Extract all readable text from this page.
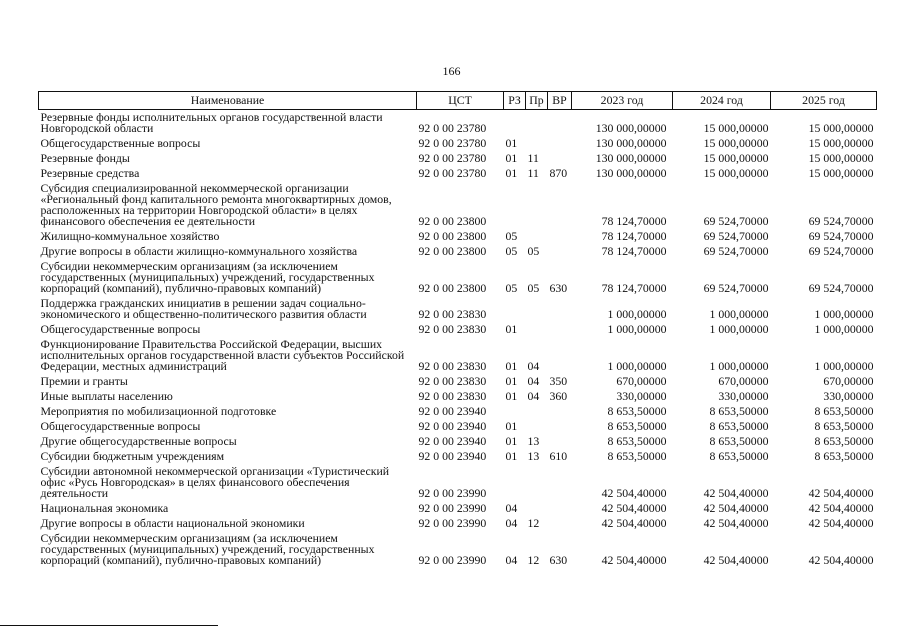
166
Наименование	ЦСТ	РЗ	Пр	ВР	2023 год	2024 год	2025 год
Резервные фонды исполнительных органов государственной власти Новгородской области	92 0 00 23780				130 000,00000	15 000,00000	15 000,00000
Общегосударственные вопросы	92 0 00 23780	01			130 000,00000	15 000,00000	15 000,00000
Резервные фонды	92 0 00 23780	01	11		130 000,00000	15 000,00000	15 000,00000
Резервные средства	92 0 00 23780	01	11	870	130 000,00000	15 000,00000	15 000,00000
Субсидия специализированной некоммерческой организации «Региональный фонд капитального ремонта многоквартирных домов, расположенных на территории Новгородской области» в целях финансового обеспечения ее деятельности	92 0 00 23800				78 124,70000	69 524,70000	69 524,70000
Жилищно-коммунальное хозяйство	92 0 00 23800	05			78 124,70000	69 524,70000	69 524,70000
Другие вопросы в области жилищно-коммунального хозяйства	92 0 00 23800	05	05		78 124,70000	69 524,70000	69 524,70000
Субсидии некоммерческим организациям (за исключением государственных (муниципальных) учреждений, государственных корпораций (компаний), публично-правовых компаний)	92 0 00 23800	05	05	630	78 124,70000	69 524,70000	69 524,70000
Поддержка гражданских инициатив в решении задач социально-экономического и общественно-политического развития области	92 0 00 23830				1 000,00000	1 000,00000	1 000,00000
Общегосударственные вопросы	92 0 00 23830	01			1 000,00000	1 000,00000	1 000,00000
Функционирование Правительства Российской Федерации, высших исполнительных органов государственной власти субъектов Российской Федерации, местных администраций	92 0 00 23830	01	04		1 000,00000	1 000,00000	1 000,00000
Премии и гранты	92 0 00 23830	01	04	350	670,00000	670,00000	670,00000
Иные выплаты населению	92 0 00 23830	01	04	360	330,00000	330,00000	330,00000
Мероприятия по мобилизационной подготовке	92 0 00 23940				8 653,50000	8 653,50000	8 653,50000
Общегосударственные вопросы	92 0 00 23940	01			8 653,50000	8 653,50000	8 653,50000
Другие общегосударственные вопросы	92 0 00 23940	01	13		8 653,50000	8 653,50000	8 653,50000
Субсидии бюджетным учреждениям	92 0 00 23940	01	13	610	8 653,50000	8 653,50000	8 653,50000
Субсидии автономной некоммерческой организации «Туристический офис «Русь Новгородская» в целях финансового обеспечения деятельности	92 0 00 23990				42 504,40000	42 504,40000	42 504,40000
Национальная экономика	92 0 00 23990	04			42 504,40000	42 504,40000	42 504,40000
Другие вопросы в области национальной экономики	92 0 00 23990	04	12		42 504,40000	42 504,40000	42 504,40000
Субсидии некоммерческим организациям (за исключением государственных (муниципальных) учреждений, государственных корпораций (компаний), публично-правовых компаний)	92 0 00 23990	04	12	630	42 504,40000	42 504,40000	42 504,40000
